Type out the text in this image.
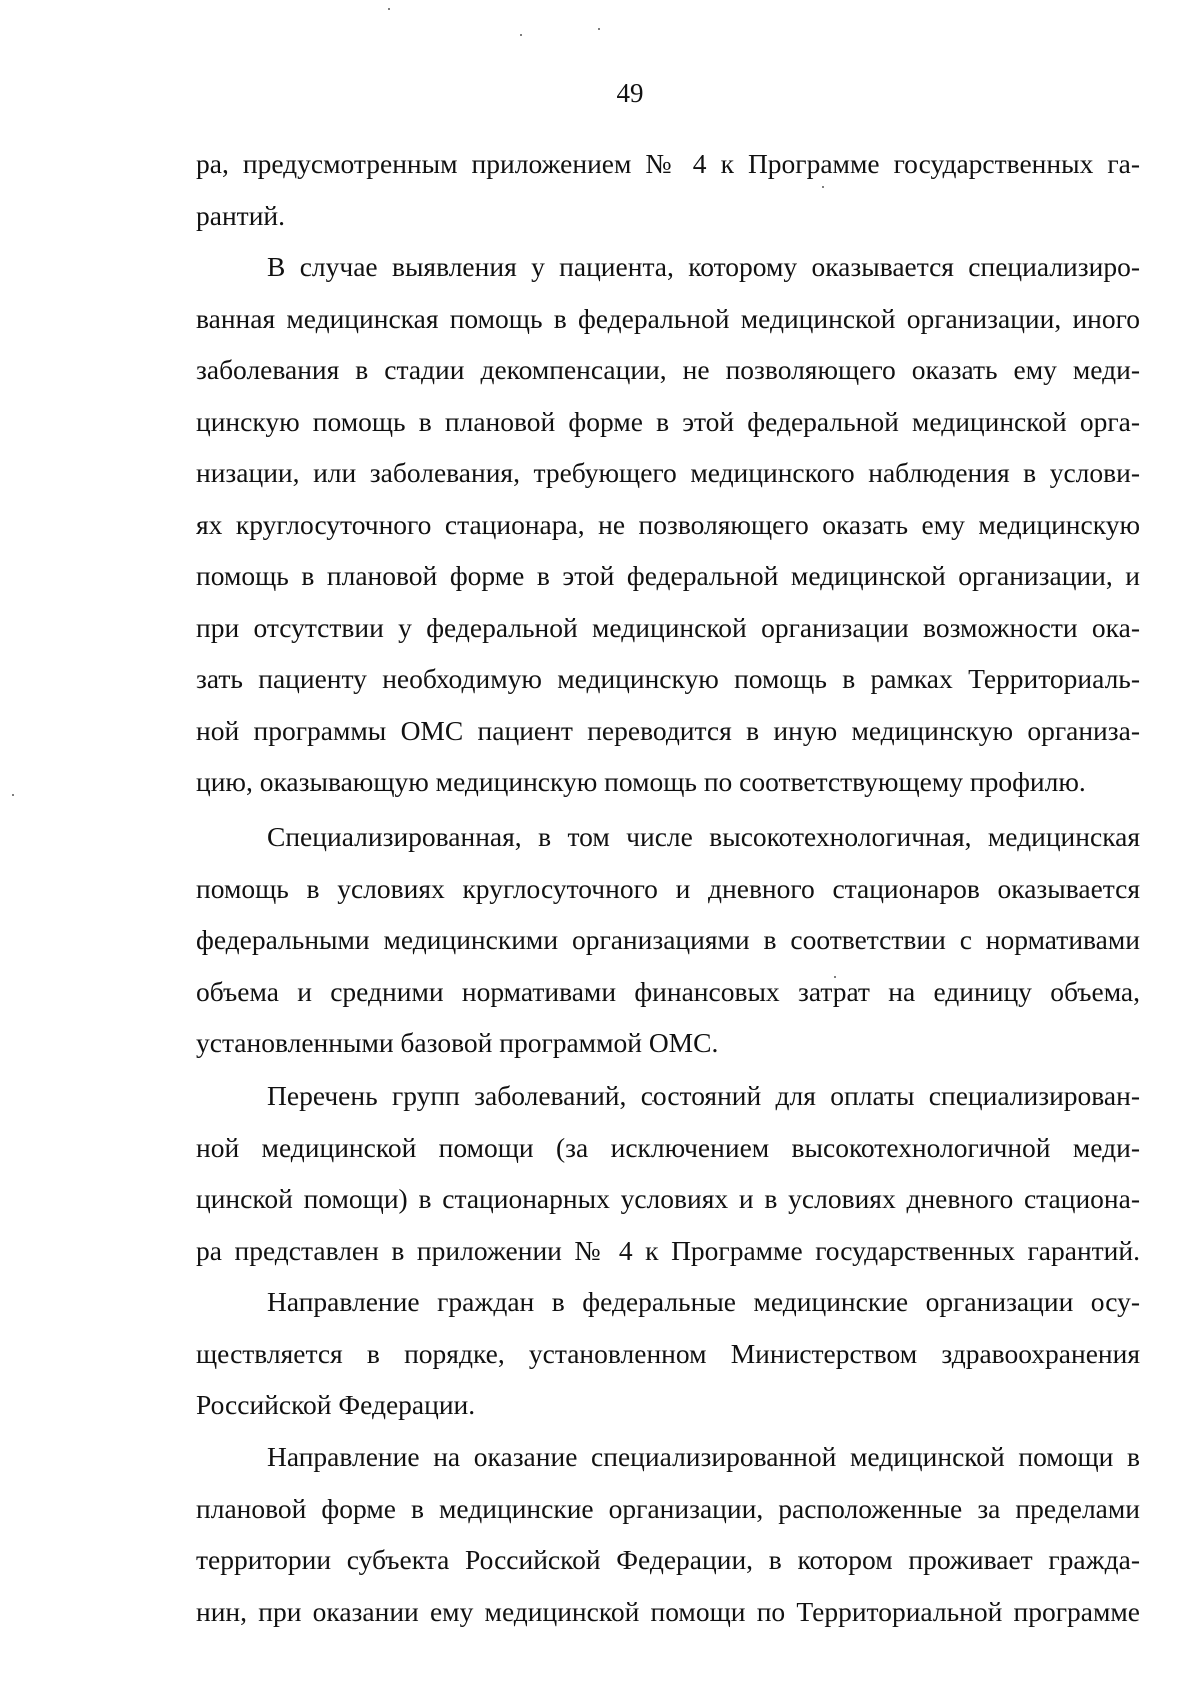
49
ра, предусмотренным приложением № 4 к Программе государственных га-
рантий.
В случае выявления у пациента, которому оказывается специализиро-
ванная медицинская помощь в федеральной медицинской организации, иного
заболевания в стадии декомпенсации, не позволяющего оказать ему меди-
цинскую помощь в плановой форме в этой федеральной медицинской орга-
низации, или заболевания, требующего медицинского наблюдения в услови-
ях круглосуточного стационара, не позволяющего оказать ему медицинскую
помощь в плановой форме в этой федеральной медицинской организации, и
при отсутствии у федеральной медицинской организации возможности ока-
зать пациенту необходимую медицинскую помощь в рамках Территориаль-
ной программы ОМС пациент переводится в иную медицинскую организа-
цию, оказывающую медицинскую помощь по соответствующему профилю.
Специализированная, в том числе высокотехнологичная, медицинская
помощь в условиях круглосуточного и дневного стационаров оказывается
федеральными медицинскими организациями в соответствии с нормативами
объема и средними нормативами финансовых затрат на единицу объема,
установленными базовой программой ОМС.
Перечень групп заболеваний, состояний для оплаты специализирован-
ной медицинской помощи (за исключением высокотехнологичной меди-
цинской помощи) в стационарных условиях и в условиях дневного стациона-
ра представлен в приложении № 4 к Программе государственных гарантий.
Направление граждан в федеральные медицинские организации осу-
ществляется в порядке, установленном Министерством здравоохранения
Российской Федерации.
Направление на оказание специализированной медицинской помощи в
плановой форме в медицинские организации, расположенные за пределами
территории субъекта Российской Федерации, в котором проживает гражда-
нин, при оказании ему медицинской помощи по Территориальной программе
